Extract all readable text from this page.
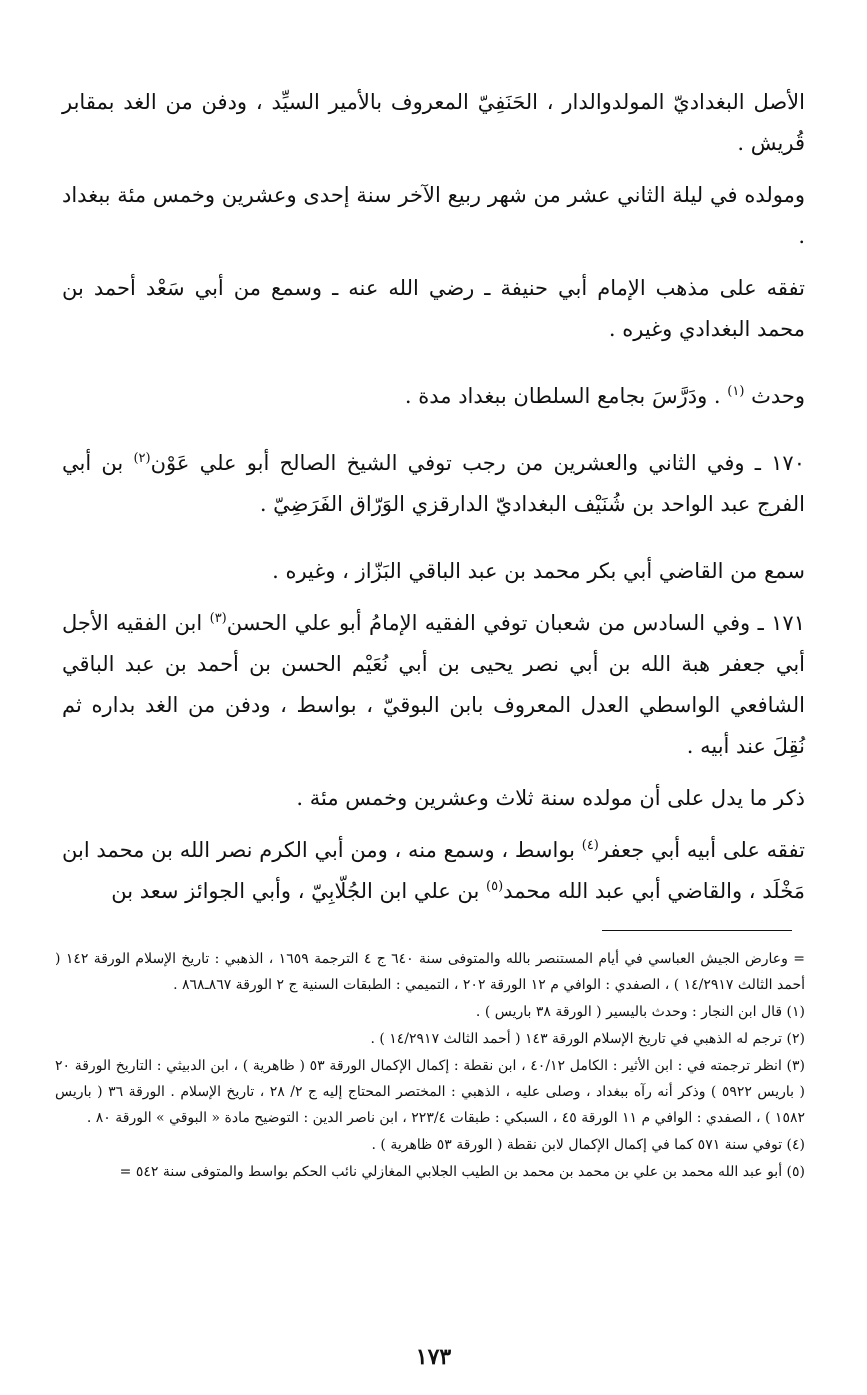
الأصل البغداديّ المولدوالدار ، الحَنَفِيّ المعروف بالأمير السيِّد ، ودفن من الغد بمقابر قُريش .

ومولده في ليلة الثاني عشر من شهر ربيع الآخر سنة إحدى وعشرين وخمس مئة ببغداد .

تفقه على مذهب الإمام أبي حنيفة ـ رضي الله عنه ـ وسمع من أبي سَعْد أحمد بن محمد البغدادي وغيره .

وحدث $^{(١)}$ . ودَرَّسَ بجامع السلطان ببغداد مدة .

١٧٠ ـ وفي الثاني والعشرين من رجب توفي الشيخ الصالح أبو علي عَوْن$^{(٢)}$ بن أبي الفرج عبد الواحد بن شُنَيْف البغداديّ الدارقزي الوَرّاق الفَرَضِيّ .

سمع من القاضي أبي بكر محمد بن عبد الباقي البَزّاز ، وغيره .

١٧١ ـ وفي السادس من شعبان توفي الفقيه الإمامُ أبو علي الحسن$^{(٣)}$ ابن الفقيه الأجل أبي جعفر هبة الله بن أبي نصر يحيى بن أبي نُعَيْم الحسن بن أحمد بن عبد الباقي الشافعي الواسطي العدل المعروف بابن البوقيّ ، بواسط ، ودفن من الغد بداره ثم نُقِلَ عند أبيه .

ذكر ما يدل على أن مولده سنة ثلاث وعشرين وخمس مئة .

تفقه على أبيه أبي جعفر$^{(٤)}$ بواسط ، وسمع منه ، ومن أبي الكرم نصر الله بن محمد ابن مَخْلَد ، والقاضي أبي عبد الله محمد$^{(٥)}$ بن علي ابن الجُلّابِيّ ، وأبي الجوائز سعد بن

= وعارض الجيش العباسي في أيام المستنصر بالله والمتوفى سنة ٦٤٠ ج ٤ الترجمة ١٦٥٩ ، الذهبي : تاريخ الإسلام الورقة ١٤٢ ( أحمد الثالث ١٤/٢٩١٧ ) ، الصفدي : الوافي م ١٢ الورقة ٢٠٢ ، التميمي : الطبقات السنية ج ٢ الورقة ٨٦٧ـ٨٦٨ .

(١) قال ابن النجار : وحدث باليسير ( الورقة ٣٨ باريس ) .

(٢) ترجم له الذهبي في تاريخ الإسلام الورقة ١٤٣ ( أحمد الثالث ١٤/٢٩١٧ ) .

(٣) انظر ترجمته في : ابن الأثير : الكامل ٤٠/١٢ ، ابن نقطة : إكمال الإكمال الورقة ٥٣ ( ظاهرية ) ، ابن الدبيثي : التاريخ الورقة ٢٠ ( باريس ٥٩٢٢ ) وذكر أنه رآه ببغداد ، وصلى عليه ، الذهبي : المختصر المحتاج إليه ج ٢/ ٢٨ ، تاريخ الإسلام . الورقة ٣٦ ( باريس ١٥٨٢ ) ، الصفدي : الوافي م ١١ الورقة ٤٥ ، السبكي : طبقات ٢٢٣/٤ ، ابن ناصر الدين : التوضيح مادة « البوقي » الورقة ٨٠ .

(٤) توفي سنة ٥٧١ كما في إكمال الإكمال لابن نقطة ( الورقة ٥٣ ظاهرية ) .

(٥) أبو عبد الله محمد بن علي بن محمد بن محمد بن الطيب الجلابي المغازلي نائب الحكم بواسط والمتوفى سنة ٥٤٢ =

١٧٣
